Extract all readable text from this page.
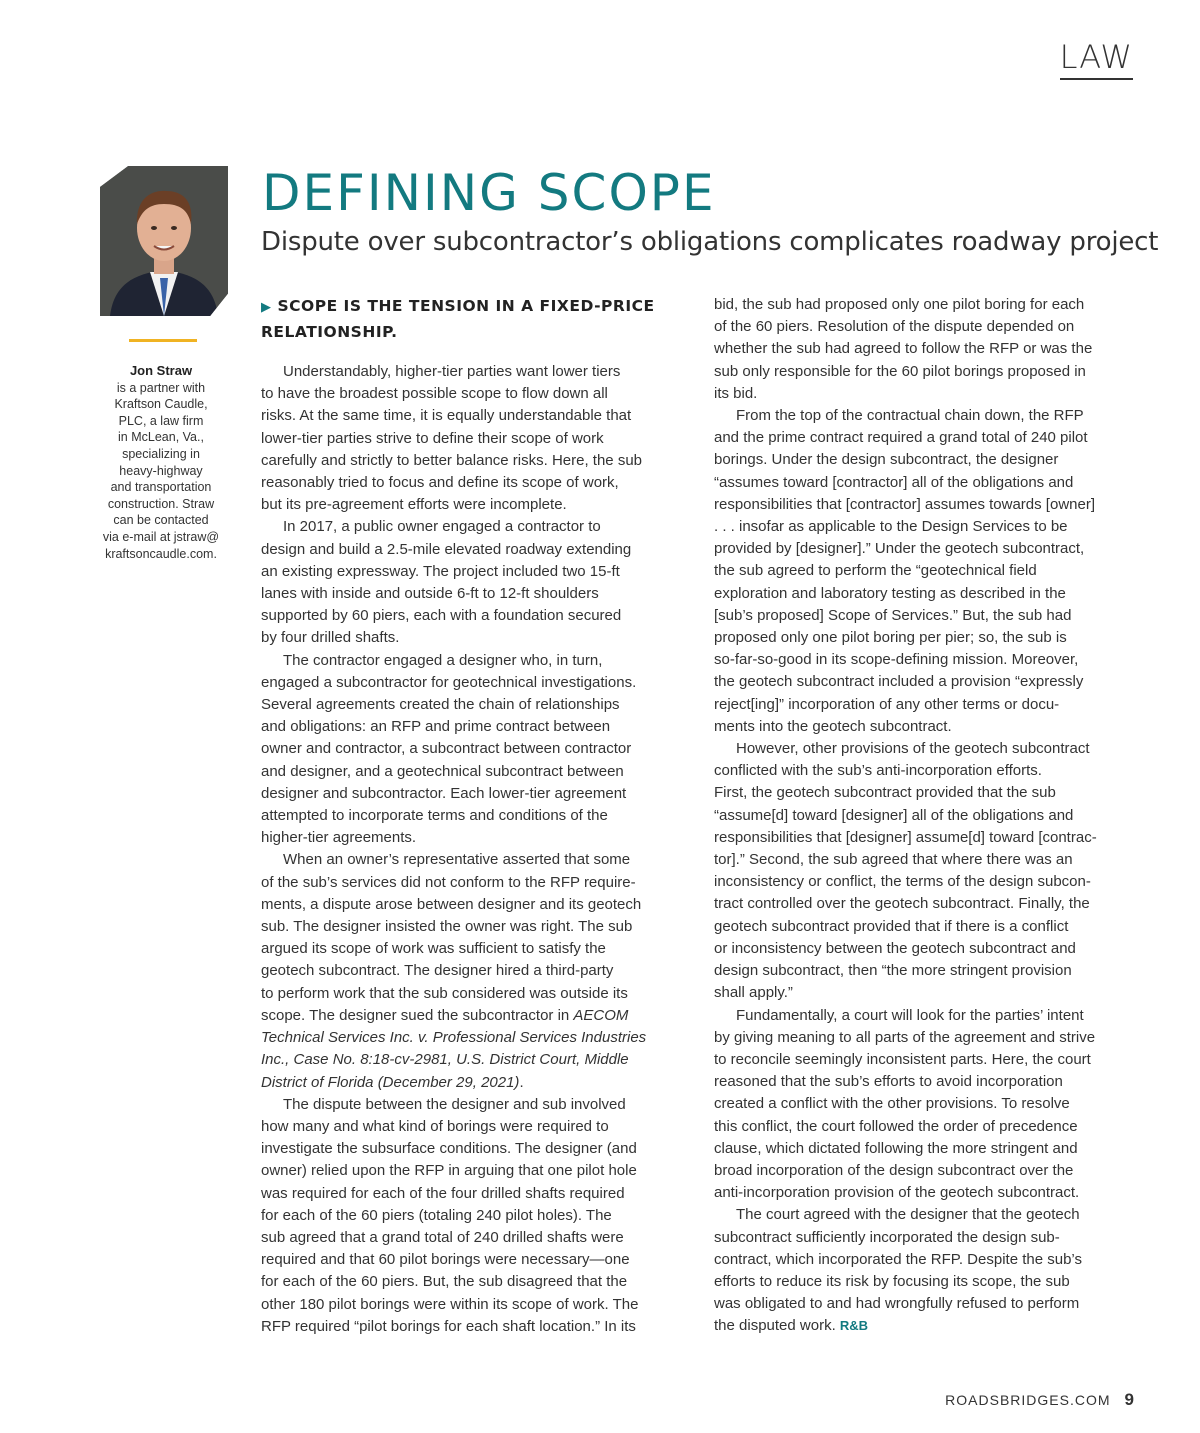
LAW
Jon Straw
is a partner with
Kraftson Caudle,
PLC, a law firm
in McLean, Va.,
specializing in
heavy-highway
and transportation
construction. Straw
can be contacted
via e-mail at jstraw@
kraftsoncaudle.com.
DEFINING SCOPE
Dispute over subcontractor’s obligations complicates roadway project
▶ SCOPE IS THE TENSION IN A FIXED-PRICE
RELATIONSHIP.
Understandably, higher-tier parties want lower tiers
to have the broadest possible scope to flow down all
risks. At the same time, it is equally understandable that
lower-tier parties strive to define their scope of work
carefully and strictly to better balance risks. Here, the sub
reasonably tried to focus and define its scope of work,
but its pre-agreement efforts were incomplete.
In 2017, a public owner engaged a contractor to
design and build a 2.5-mile elevated roadway extending
an existing expressway. The project included two 15-ft
lanes with inside and outside 6-ft to 12-ft shoulders
supported by 60 piers, each with a foundation secured
by four drilled shafts.
The contractor engaged a designer who, in turn,
engaged a subcontractor for geotechnical investigations.
Several agreements created the chain of relationships
and obligations: an RFP and prime contract between
owner and contractor, a subcontract between contractor
and designer, and a geotechnical subcontract between
designer and subcontractor. Each lower-tier agreement
attempted to incorporate terms and conditions of the
higher-tier agreements.
When an owner’s representative asserted that some
of the sub’s services did not conform to the RFP require-
ments, a dispute arose between designer and its geotech
sub. The designer insisted the owner was right. The sub
argued its scope of work was sufficient to satisfy the
geotech subcontract. The designer hired a third-party
to perform work that the sub considered was outside its
scope. The designer sued the subcontractor in AECOM
Technical Services Inc. v. Professional Services Industries
Inc., Case No. 8:18-cv-2981, U.S. District Court, Middle
District of Florida (December 29, 2021).
The dispute between the designer and sub involved
how many and what kind of borings were required to
investigate the subsurface conditions. The designer (and
owner) relied upon the RFP in arguing that one pilot hole
was required for each of the four drilled shafts required
for each of the 60 piers (totaling 240 pilot holes). The
sub agreed that a grand total of 240 drilled shafts were
required and that 60 pilot borings were necessary—one
for each of the 60 piers. But, the sub disagreed that the
other 180 pilot borings were within its scope of work. The
RFP required “pilot borings for each shaft location.” In its
bid, the sub had proposed only one pilot boring for each
of the 60 piers. Resolution of the dispute depended on
whether the sub had agreed to follow the RFP or was the
sub only responsible for the 60 pilot borings proposed in
its bid.
From the top of the contractual chain down, the RFP
and the prime contract required a grand total of 240 pilot
borings. Under the design subcontract, the designer
“assumes toward [contractor] all of the obligations and
responsibilities that [contractor] assumes towards [owner]
. . . insofar as applicable to the Design Services to be
provided by [designer].” Under the geotech subcontract,
the sub agreed to perform the “geotechnical field
exploration and laboratory testing as described in the
[sub’s proposed] Scope of Services.” But, the sub had
proposed only one pilot boring per pier; so, the sub is
so-far-so-good in its scope-defining mission. Moreover,
the geotech subcontract included a provision “expressly
reject[ing]” incorporation of any other terms or docu-
ments into the geotech subcontract.
However, other provisions of the geotech subcontract
conflicted with the sub’s anti-incorporation efforts.
First, the geotech subcontract provided that the sub
“assume[d] toward [designer] all of the obligations and
responsibilities that [designer] assume[d] toward [contrac-
tor].” Second, the sub agreed that where there was an
inconsistency or conflict, the terms of the design subcon-
tract controlled over the geotech subcontract. Finally, the
geotech subcontract provided that if there is a conflict
or inconsistency between the geotech subcontract and
design subcontract, then “the more stringent provision
shall apply.”
Fundamentally, a court will look for the parties’ intent
by giving meaning to all parts of the agreement and strive
to reconcile seemingly inconsistent parts. Here, the court
reasoned that the sub’s efforts to avoid incorporation
created a conflict with the other provisions. To resolve
this conflict, the court followed the order of precedence
clause, which dictated following the more stringent and
broad incorporation of the design subcontract over the
anti-incorporation provision of the geotech subcontract.
The court agreed with the designer that the geotech
subcontract sufficiently incorporated the design sub-
contract, which incorporated the RFP. Despite the sub’s
efforts to reduce its risk by focusing its scope, the sub
was obligated to and had wrongfully refused to perform
the disputed work. R&B
ROADSBRIDGES.COM 9
